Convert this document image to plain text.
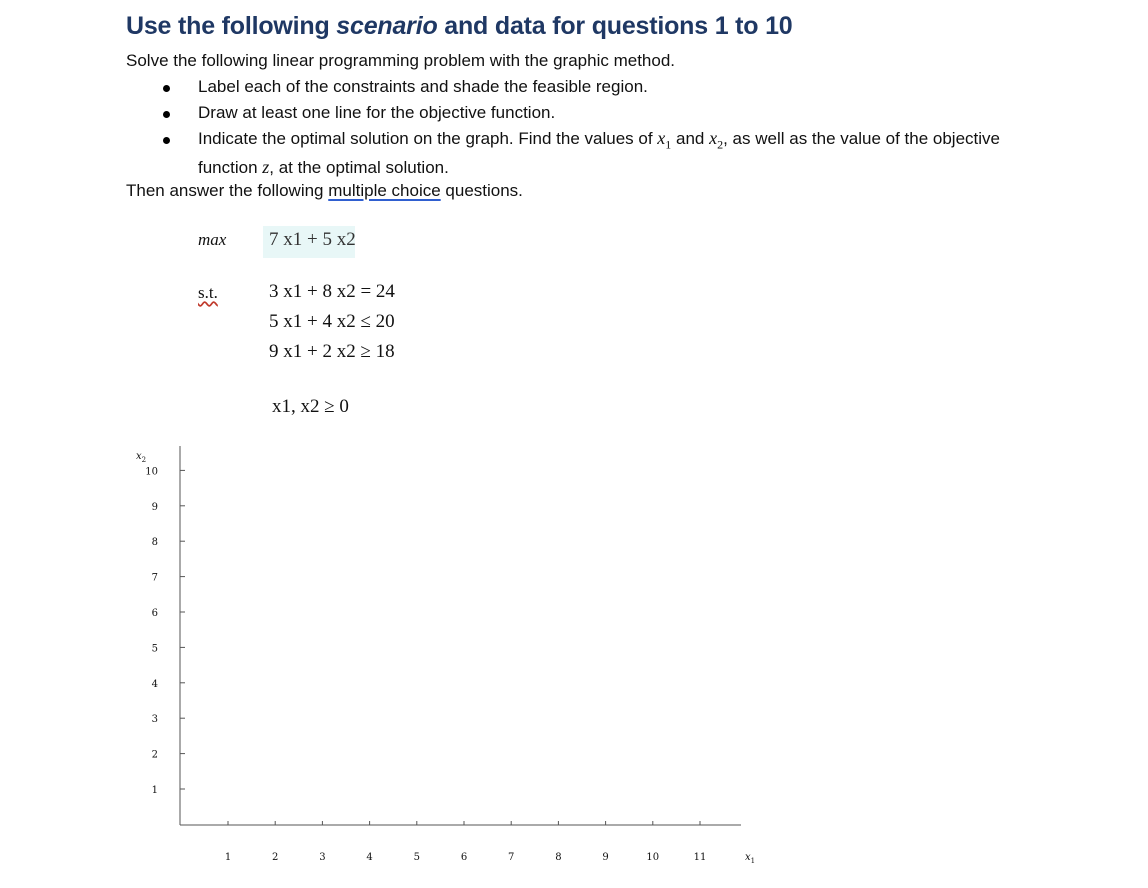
Use the following scenario and data for questions 1 to 10
Solve the following linear programming problem with the graphic method.
Label each of the constraints and shade the feasible region.
Draw at least one line for the objective function.
Indicate the optimal solution on the graph. Find the values of $x_1$ and $x_2$, as well as the value of the objective
function z, at the optimal solution.
Then answer the following multiple choice questions.
max 7 x1 + 5 x2
s.t.	3 x1 + 8 x2 = 24
5 x1 + 4 x2 ≤ 20
9 x1 + 2 x2 ≥ 18
x1, x2 ≥ 0
1	2	3	4	5	6	7	8	9	10	11
1
2
3
4
5
6
7
8
9
10
$x_2$
$x_1$
